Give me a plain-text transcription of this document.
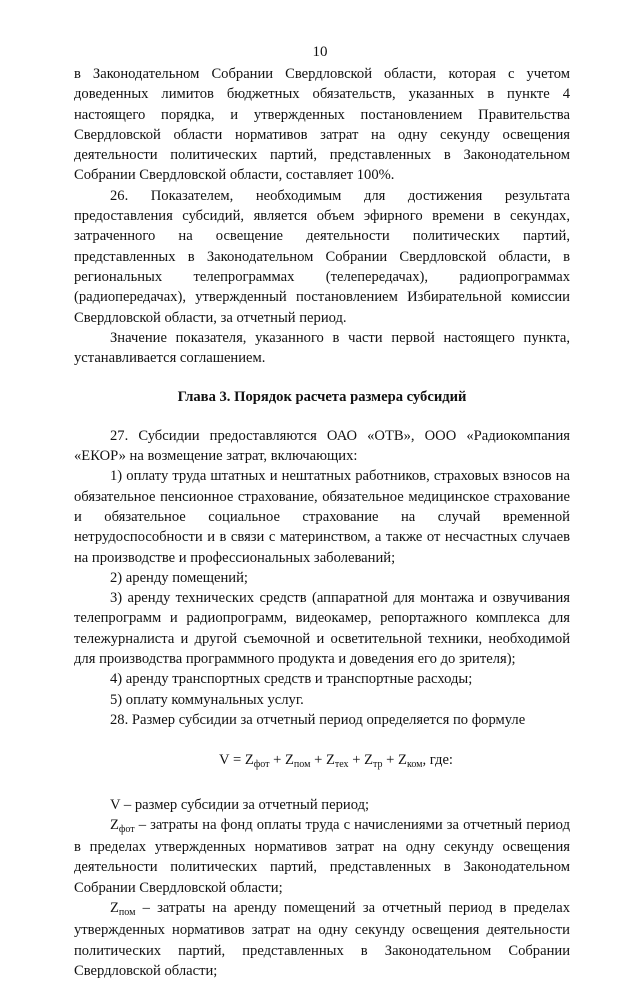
10

в Законодательном Собрании Свердловской области, которая с учетом доведенных лимитов бюджетных обязательств, указанных в пункте 4 настоящего порядка, и утвержденных постановлением Правительства Свердловской области нормативов затрат на одну секунду освещения деятельности политических партий, представленных в Законодательном Собрании Свердловской области, составляет 100%.

26. Показателем, необходимым для достижения результата предоставления субсидий, является объем эфирного времени в секундах, затраченного на освещение деятельности политических партий, представленных в Законодательном Собрании Свердловской области, в региональных телепрограммах (телепередачах), радиопрограммах (радиопередачах), утвержденный постановлением Избирательной комиссии Свердловской области, за отчетный период.

Значение показателя, указанного в части первой настоящего пункта, устанавливается соглашением.

Глава 3. Порядок расчета размера субсидий

27. Субсидии предоставляются ОАО «ОТВ», ООО «Радиокомпания «ЕКОР» на возмещение затрат, включающих:

1) оплату труда штатных и нештатных работников, страховых взносов на обязательное пенсионное страхование, обязательное медицинское страхование и обязательное социальное страхование на случай временной нетрудоспособности и в связи с материнством, а также от несчастных случаев на производстве и профессиональных заболеваний;

2) аренду помещений;

3) аренду технических средств (аппаратной для монтажа и озвучивания телепрограмм и радиопрограмм, видеокамер, репортажного комплекса для тележурналиста и другой съемочной и осветительной техники, необходимой для производства программного продукта и доведения его до зрителя);

4) аренду транспортных средств и транспортные расходы;

5) оплату коммунальных услуг.

28. Размер субсидии за отчетный период определяется по формуле

$V = Z_{фот} + Z_{пом} + Z_{тех} + Z_{тр} + Z_{ком}$, где:

V – размер субсидии за отчетный период;

$Z_{фот}$ – затраты на фонд оплаты труда с начислениями за отчетный период в пределах утвержденных нормативов затрат на одну секунду освещения деятельности политических партий, представленных в Законодательном Собрании Свердловской области;

$Z_{пом}$ – затраты на аренду помещений за отчетный период в пределах утвержденных нормативов затрат на одну секунду освещения деятельности политических партий, представленных в Законодательном Собрании Свердловской области;
